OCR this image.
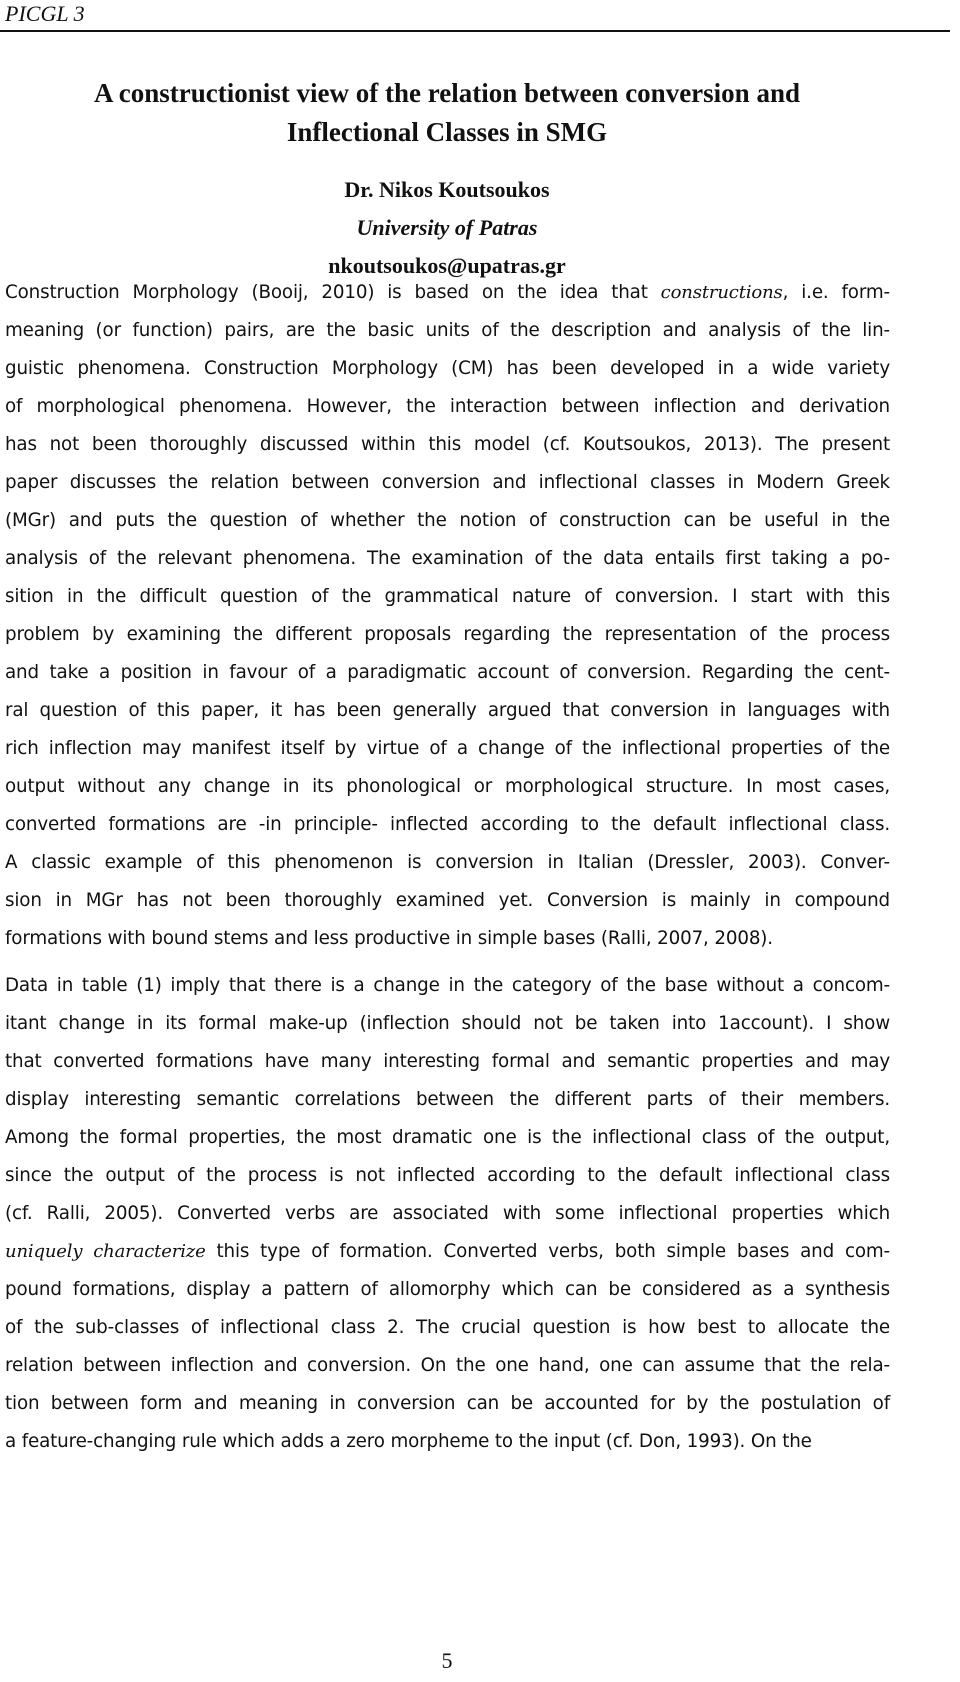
PICGL 3
A constructionist view of the relation between conversion and
Inflectional Classes in SMG
Dr. Nikos Koutsoukos
University of Patras
nkoutsoukos@upatras.gr

Construction Morphology (Booij, 2010) is based on the idea that constructions, i.e. form-
meaning (or function) pairs, are the basic units of the description and analysis of the lin-
guistic phenomena. Construction Morphology (CM) has been developed in a wide variety
of morphological phenomena. However, the interaction between inflection and derivation
has not been thoroughly discussed within this model (cf. Koutsoukos, 2013). The present
paper discusses the relation between conversion and inflectional classes in Modern Greek
(MGr) and puts the question of whether the notion of construction can be useful in the
analysis of the relevant phenomena. The examination of the data entails first taking a po-
sition in the difficult question of the grammatical nature of conversion. I start with this
problem by examining the different proposals regarding the representation of the process
and take a position in favour of a paradigmatic account of conversion. Regarding the cent-
ral question of this paper, it has been generally argued that conversion in languages with
rich inflection may manifest itself by virtue of a change of the inflectional properties of the
output without any change in its phonological or morphological structure. In most cases,
converted formations are -in principle- inflected according to the default inflectional class.
A classic example of this phenomenon is conversion in Italian (Dressler, 2003). Conver-
sion in MGr has not been thoroughly examined yet. Conversion is mainly in compound
formations with bound stems and less productive in simple bases (Ralli, 2007, 2008).

Data in table (1) imply that there is a change in the category of the base without a concom-
itant change in its formal make-up (inflection should not be taken into 1account). I show
that converted formations have many interesting formal and semantic properties and may
display interesting semantic correlations between the different parts of their members.
Among the formal properties, the most dramatic one is the inflectional class of the output,
since the output of the process is not inflected according to the default inflectional class
(cf. Ralli, 2005). Converted verbs are associated with some inflectional properties which
uniquely characterize this type of formation. Converted verbs, both simple bases and com-
pound formations, display a pattern of allomorphy which can be considered as a synthesis
of the sub-classes of inflectional class 2. The crucial question is how best to allocate the
relation between inflection and conversion. On the one hand, one can assume that the rela-
tion between form and meaning in conversion can be accounted for by the postulation of
a feature-changing rule which adds a zero morpheme to the input (cf. Don, 1993). On the

5
